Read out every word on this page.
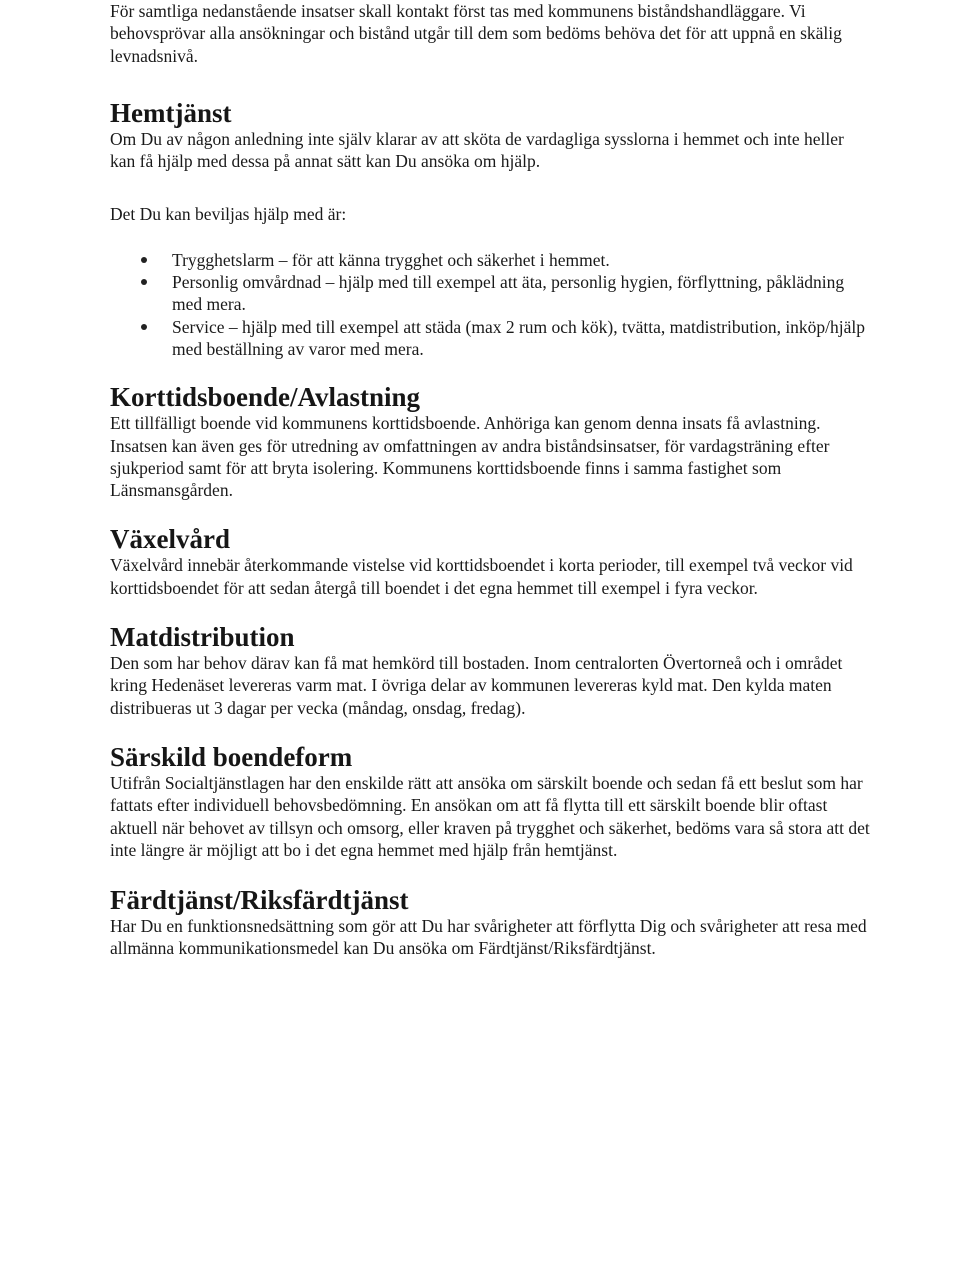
För samtliga nedanstående insatser skall kontakt först tas med kommunens biståndshandläggare. Vi behovsprövar alla ansökningar och bistånd utgår till dem som bedöms behöva det för att uppnå en skälig levnadsnivå.

Hemtjänst

Om Du av någon anledning inte själv klarar av att sköta de vardagliga sysslorna i hemmet och inte heller kan få hjälp med dessa på annat sätt kan Du ansöka om hjälp.

Det Du kan beviljas hjälp med är:

Trygghetslarm – för att känna trygghet och säkerhet i hemmet.
Personlig omvårdnad – hjälp med till exempel att äta, personlig hygien, förflyttning, påklädning med mera.
Service – hjälp med till exempel att städa (max 2 rum och kök), tvätta, matdistribution, inköp/hjälp med beställning av varor med mera.
Korttidsboende/Avlastning

Ett tillfälligt boende vid kommunens korttidsboende. Anhöriga kan genom denna insats få avlastning. Insatsen kan även ges för utredning av omfattningen av andra biståndsinsatser, för vardagsträning efter sjukperiod samt för att bryta isolering. Kommunens korttidsboende finns i samma fastighet som Länsmansgården.

Växelvård

Växelvård innebär återkommande vistelse vid korttidsboendet i korta perioder, till exempel två veckor vid korttidsboendet för att sedan återgå till boendet i det egna hemmet till exempel i fyra veckor.

Matdistribution

Den som har behov därav kan få mat hemkörd till bostaden. Inom centralorten Övertorneå och i området kring Hedenäset levereras varm mat. I övriga delar av kommunen levereras kyld mat. Den kylda maten distribueras ut 3 dagar per vecka (måndag, onsdag, fredag).

Särskild boendeform

Utifrån Socialtjänstlagen har den enskilde rätt att ansöka om särskilt boende och sedan få ett beslut som har fattats efter individuell behovsbedömning. En ansökan om att få flytta till ett särskilt boende blir oftast aktuell när behovet av tillsyn och omsorg, eller kraven på trygghet och säkerhet, bedöms vara så stora att det inte längre är möjligt att bo i det egna hemmet med hjälp från hemtjänst.

Färdtjänst/Riksfärdtjänst

Har Du en funktionsnedsättning som gör att Du har svårigheter att förflytta Dig och svårigheter att resa med allmänna kommunikationsmedel kan Du ansöka om Färdtjänst/Riksfärdtjänst.
